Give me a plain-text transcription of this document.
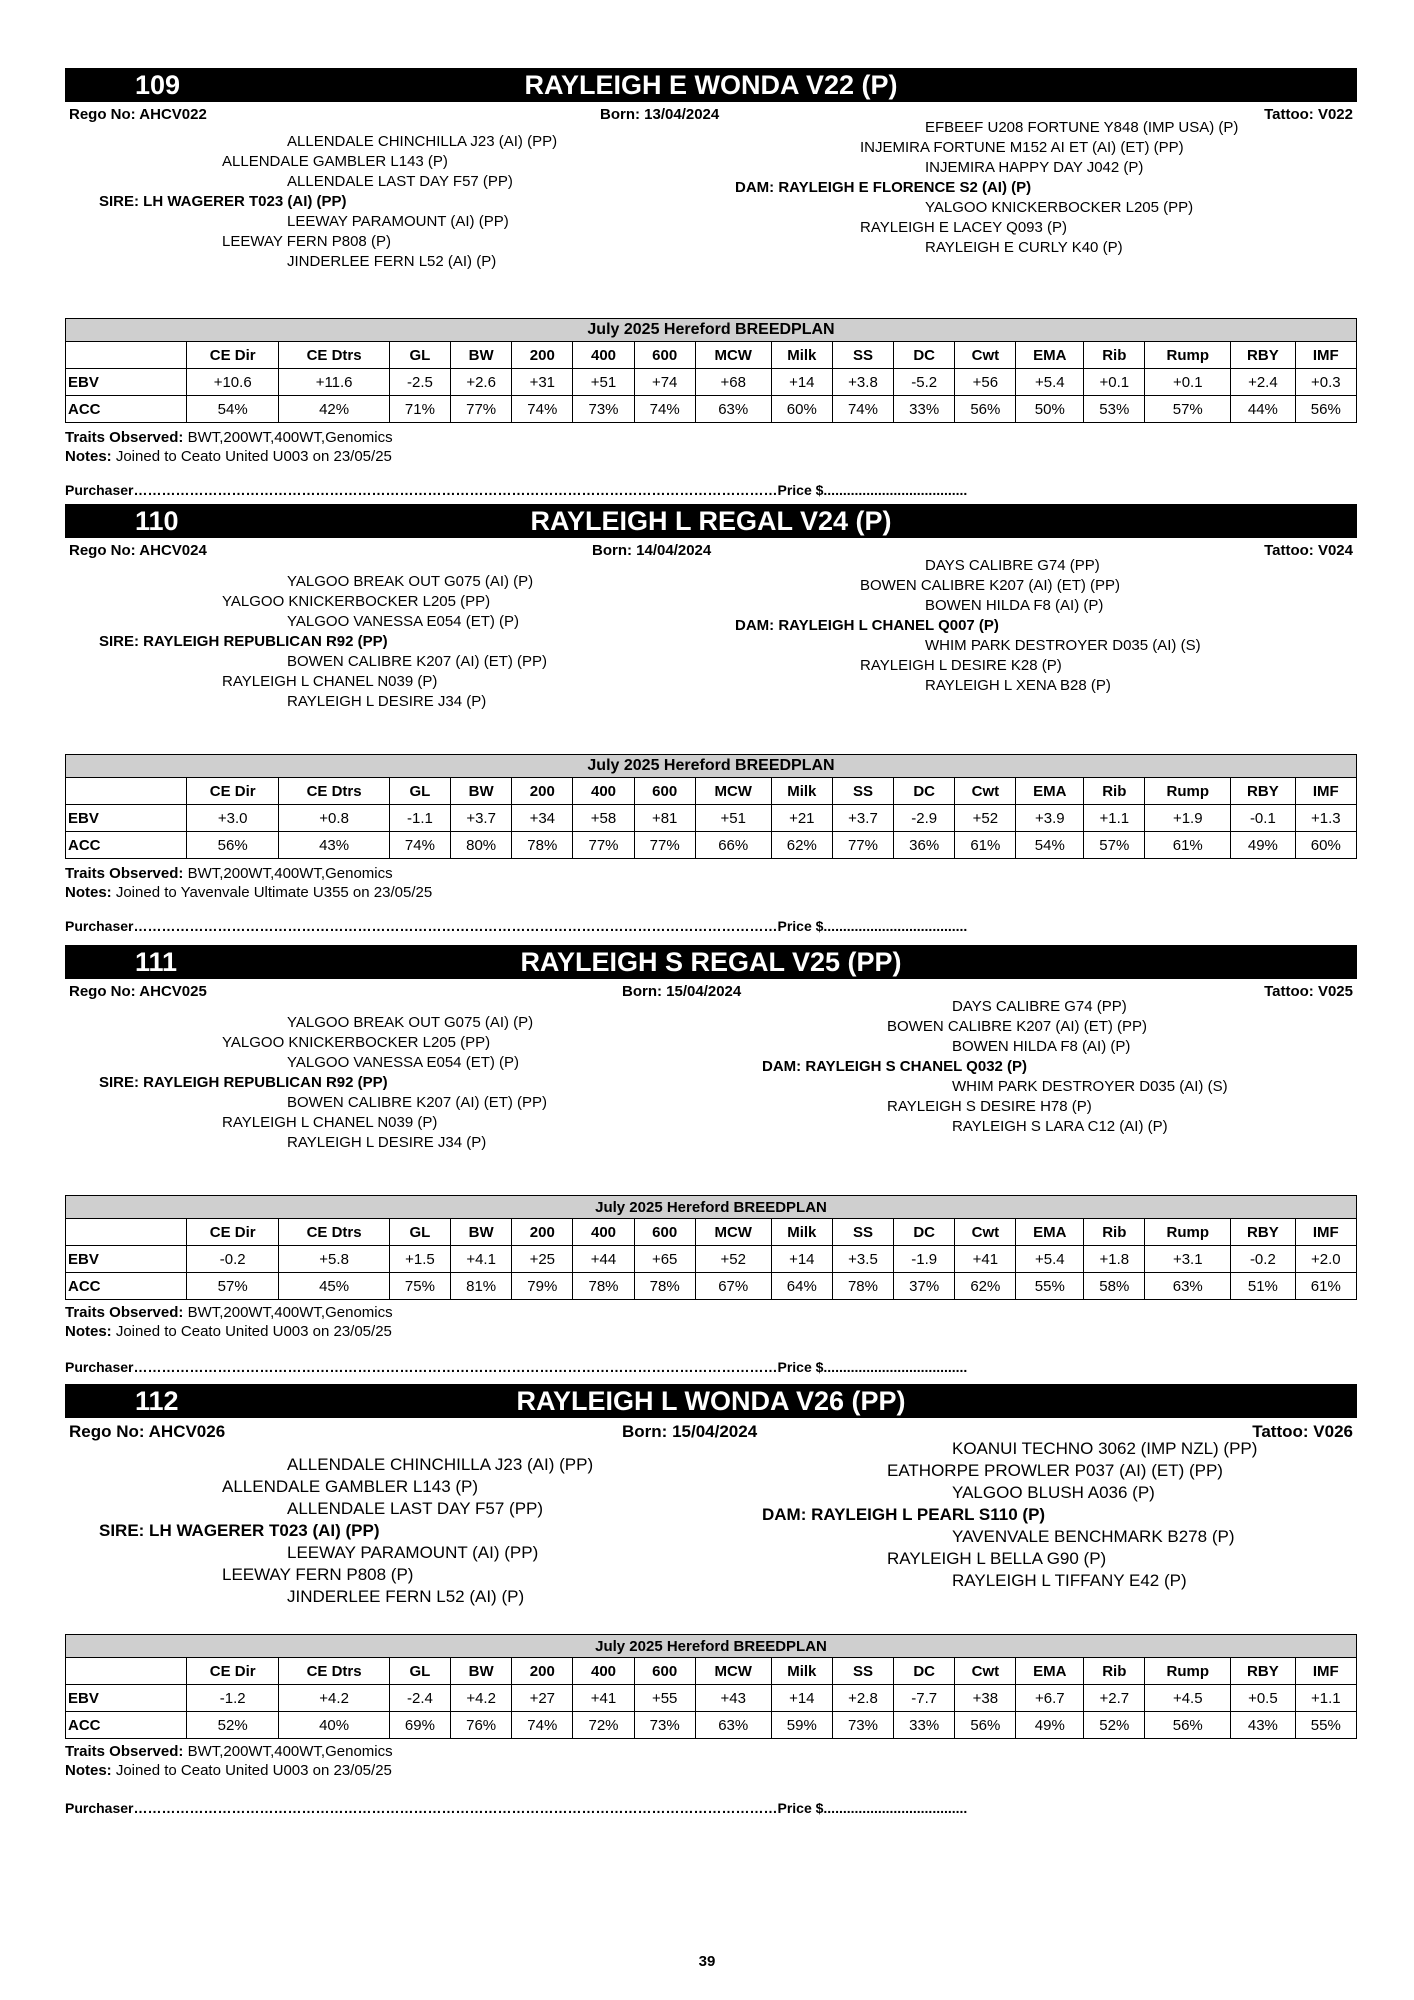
109	RAYLEIGH E WONDA V22 (P)
Rego No: AHCV022	Born: 13/04/2024	Tattoo: V022
ALLENDALE CHINCHILLA J23 (AI) (PP)
ALLENDALE GAMBLER L143 (P)
ALLENDALE LAST DAY F57 (PP)
SIRE: LH WAGERER T023 (AI) (PP)
LEEWAY PARAMOUNT (AI) (PP)
LEEWAY FERN P808 (P)
JINDERLEE FERN L52 (AI) (P)
EFBEEF U208 FORTUNE Y848 (IMP USA) (P)
INJEMIRA FORTUNE M152 AI ET (AI) (ET) (PP)
INJEMIRA HAPPY DAY J042 (P)
DAM: RAYLEIGH E FLORENCE S2 (AI) (P)
YALGOO KNICKERBOCKER L205 (PP)
RAYLEIGH E LACEY Q093 (P)
RAYLEIGH E CURLY K40 (P)
July 2025 Hereford BREEDPLAN																	
	CE Dir	CE Dtrs	GL	BW	200	400	600	MCW	Milk	SS	DC	Cwt	EMA	Rib	Rump	RBY	IMF
EBV	+10.6	+11.6	-2.5	+2.6	+31	+51	+74	+68	+14	+3.8	-5.2	+56	+5.4	+0.1	+0.1	+2.4	+0.3
ACC	54%	42%	71%	77%	74%	73%	74%	63%	60%	74%	33%	56%	50%	53%	57%	44%	56%
Traits Observed: BWT,200WT,400WT,Genomics
Notes: Joined to Ceato United U003 on 23/05/25
Purchaser…………………………………………………………………………………………………………………………Price $.....................................
110	RAYLEIGH L REGAL V24 (P)
Rego No: AHCV024	Born: 14/04/2024	Tattoo: V024
YALGOO BREAK OUT G075 (AI) (P)
YALGOO KNICKERBOCKER L205 (PP)
YALGOO VANESSA E054 (ET) (P)
SIRE: RAYLEIGH REPUBLICAN R92 (PP)
BOWEN CALIBRE K207 (AI) (ET) (PP)
RAYLEIGH L CHANEL N039 (P)
RAYLEIGH L DESIRE J34 (P)
DAYS CALIBRE G74 (PP)
BOWEN CALIBRE K207 (AI) (ET) (PP)
BOWEN HILDA F8 (AI) (P)
DAM: RAYLEIGH L CHANEL Q007 (P)
WHIM PARK DESTROYER D035 (AI) (S)
RAYLEIGH L DESIRE K28 (P)
RAYLEIGH L XENA B28 (P)
July 2025 Hereford BREEDPLAN																	
	CE Dir	CE Dtrs	GL	BW	200	400	600	MCW	Milk	SS	DC	Cwt	EMA	Rib	Rump	RBY	IMF
EBV	+3.0	+0.8	-1.1	+3.7	+34	+58	+81	+51	+21	+3.7	-2.9	+52	+3.9	+1.1	+1.9	-0.1	+1.3
ACC	56%	43%	74%	80%	78%	77%	77%	66%	62%	77%	36%	61%	54%	57%	61%	49%	60%
Traits Observed: BWT,200WT,400WT,Genomics
Notes: Joined to Yavenvale Ultimate U355 on 23/05/25
Purchaser…………………………………………………………………………………………………………………………Price $.....................................
111	RAYLEIGH S REGAL V25 (PP)
Rego No: AHCV025	Born: 15/04/2024	Tattoo: V025
YALGOO BREAK OUT G075 (AI) (P)
YALGOO KNICKERBOCKER L205 (PP)
YALGOO VANESSA E054 (ET) (P)
SIRE: RAYLEIGH REPUBLICAN R92 (PP)
BOWEN CALIBRE K207 (AI) (ET) (PP)
RAYLEIGH L CHANEL N039 (P)
RAYLEIGH L DESIRE J34 (P)
DAYS CALIBRE G74 (PP)
BOWEN CALIBRE K207 (AI) (ET) (PP)
BOWEN HILDA F8 (AI) (P)
DAM: RAYLEIGH S CHANEL Q032 (P)
WHIM PARK DESTROYER D035 (AI) (S)
RAYLEIGH S DESIRE H78 (P)
RAYLEIGH S LARA C12 (AI) (P)
July 2025 Hereford BREEDPLAN																	
	CE Dir	CE Dtrs	GL	BW	200	400	600	MCW	Milk	SS	DC	Cwt	EMA	Rib	Rump	RBY	IMF
EBV	-0.2	+5.8	+1.5	+4.1	+25	+44	+65	+52	+14	+3.5	-1.9	+41	+5.4	+1.8	+3.1	-0.2	+2.0
ACC	57%	45%	75%	81%	79%	78%	78%	67%	64%	78%	37%	62%	55%	58%	63%	51%	61%
Traits Observed: BWT,200WT,400WT,Genomics
Notes: Joined to Ceato United U003 on 23/05/25
Purchaser…………………………………………………………………………………………………………………………Price $.....................................
112	RAYLEIGH L WONDA V26 (PP)
Rego No: AHCV026	Born: 15/04/2024	Tattoo: V026
ALLENDALE CHINCHILLA J23 (AI) (PP)
ALLENDALE GAMBLER L143 (P)
ALLENDALE LAST DAY F57 (PP)
SIRE: LH WAGERER T023 (AI) (PP)
LEEWAY PARAMOUNT (AI) (PP)
LEEWAY FERN P808 (P)
JINDERLEE FERN L52 (AI) (P)
KOANUI TECHNO 3062 (IMP NZL) (PP)
EATHORPE PROWLER P037 (AI) (ET) (PP)
YALGOO BLUSH A036 (P)
DAM: RAYLEIGH L PEARL S110 (P)
YAVENVALE BENCHMARK B278 (P)
RAYLEIGH L BELLA G90 (P)
RAYLEIGH L TIFFANY E42 (P)
July 2025 Hereford BREEDPLAN																	
	CE Dir	CE Dtrs	GL	BW	200	400	600	MCW	Milk	SS	DC	Cwt	EMA	Rib	Rump	RBY	IMF
EBV	-1.2	+4.2	-2.4	+4.2	+27	+41	+55	+43	+14	+2.8	-7.7	+38	+6.7	+2.7	+4.5	+0.5	+1.1
ACC	52%	40%	69%	76%	74%	72%	73%	63%	59%	73%	33%	56%	49%	52%	56%	43%	55%
Traits Observed: BWT,200WT,400WT,Genomics
Notes: Joined to Ceato United U003 on 23/05/25
Purchaser…………………………………………………………………………………………………………………………Price $.....................................
39
